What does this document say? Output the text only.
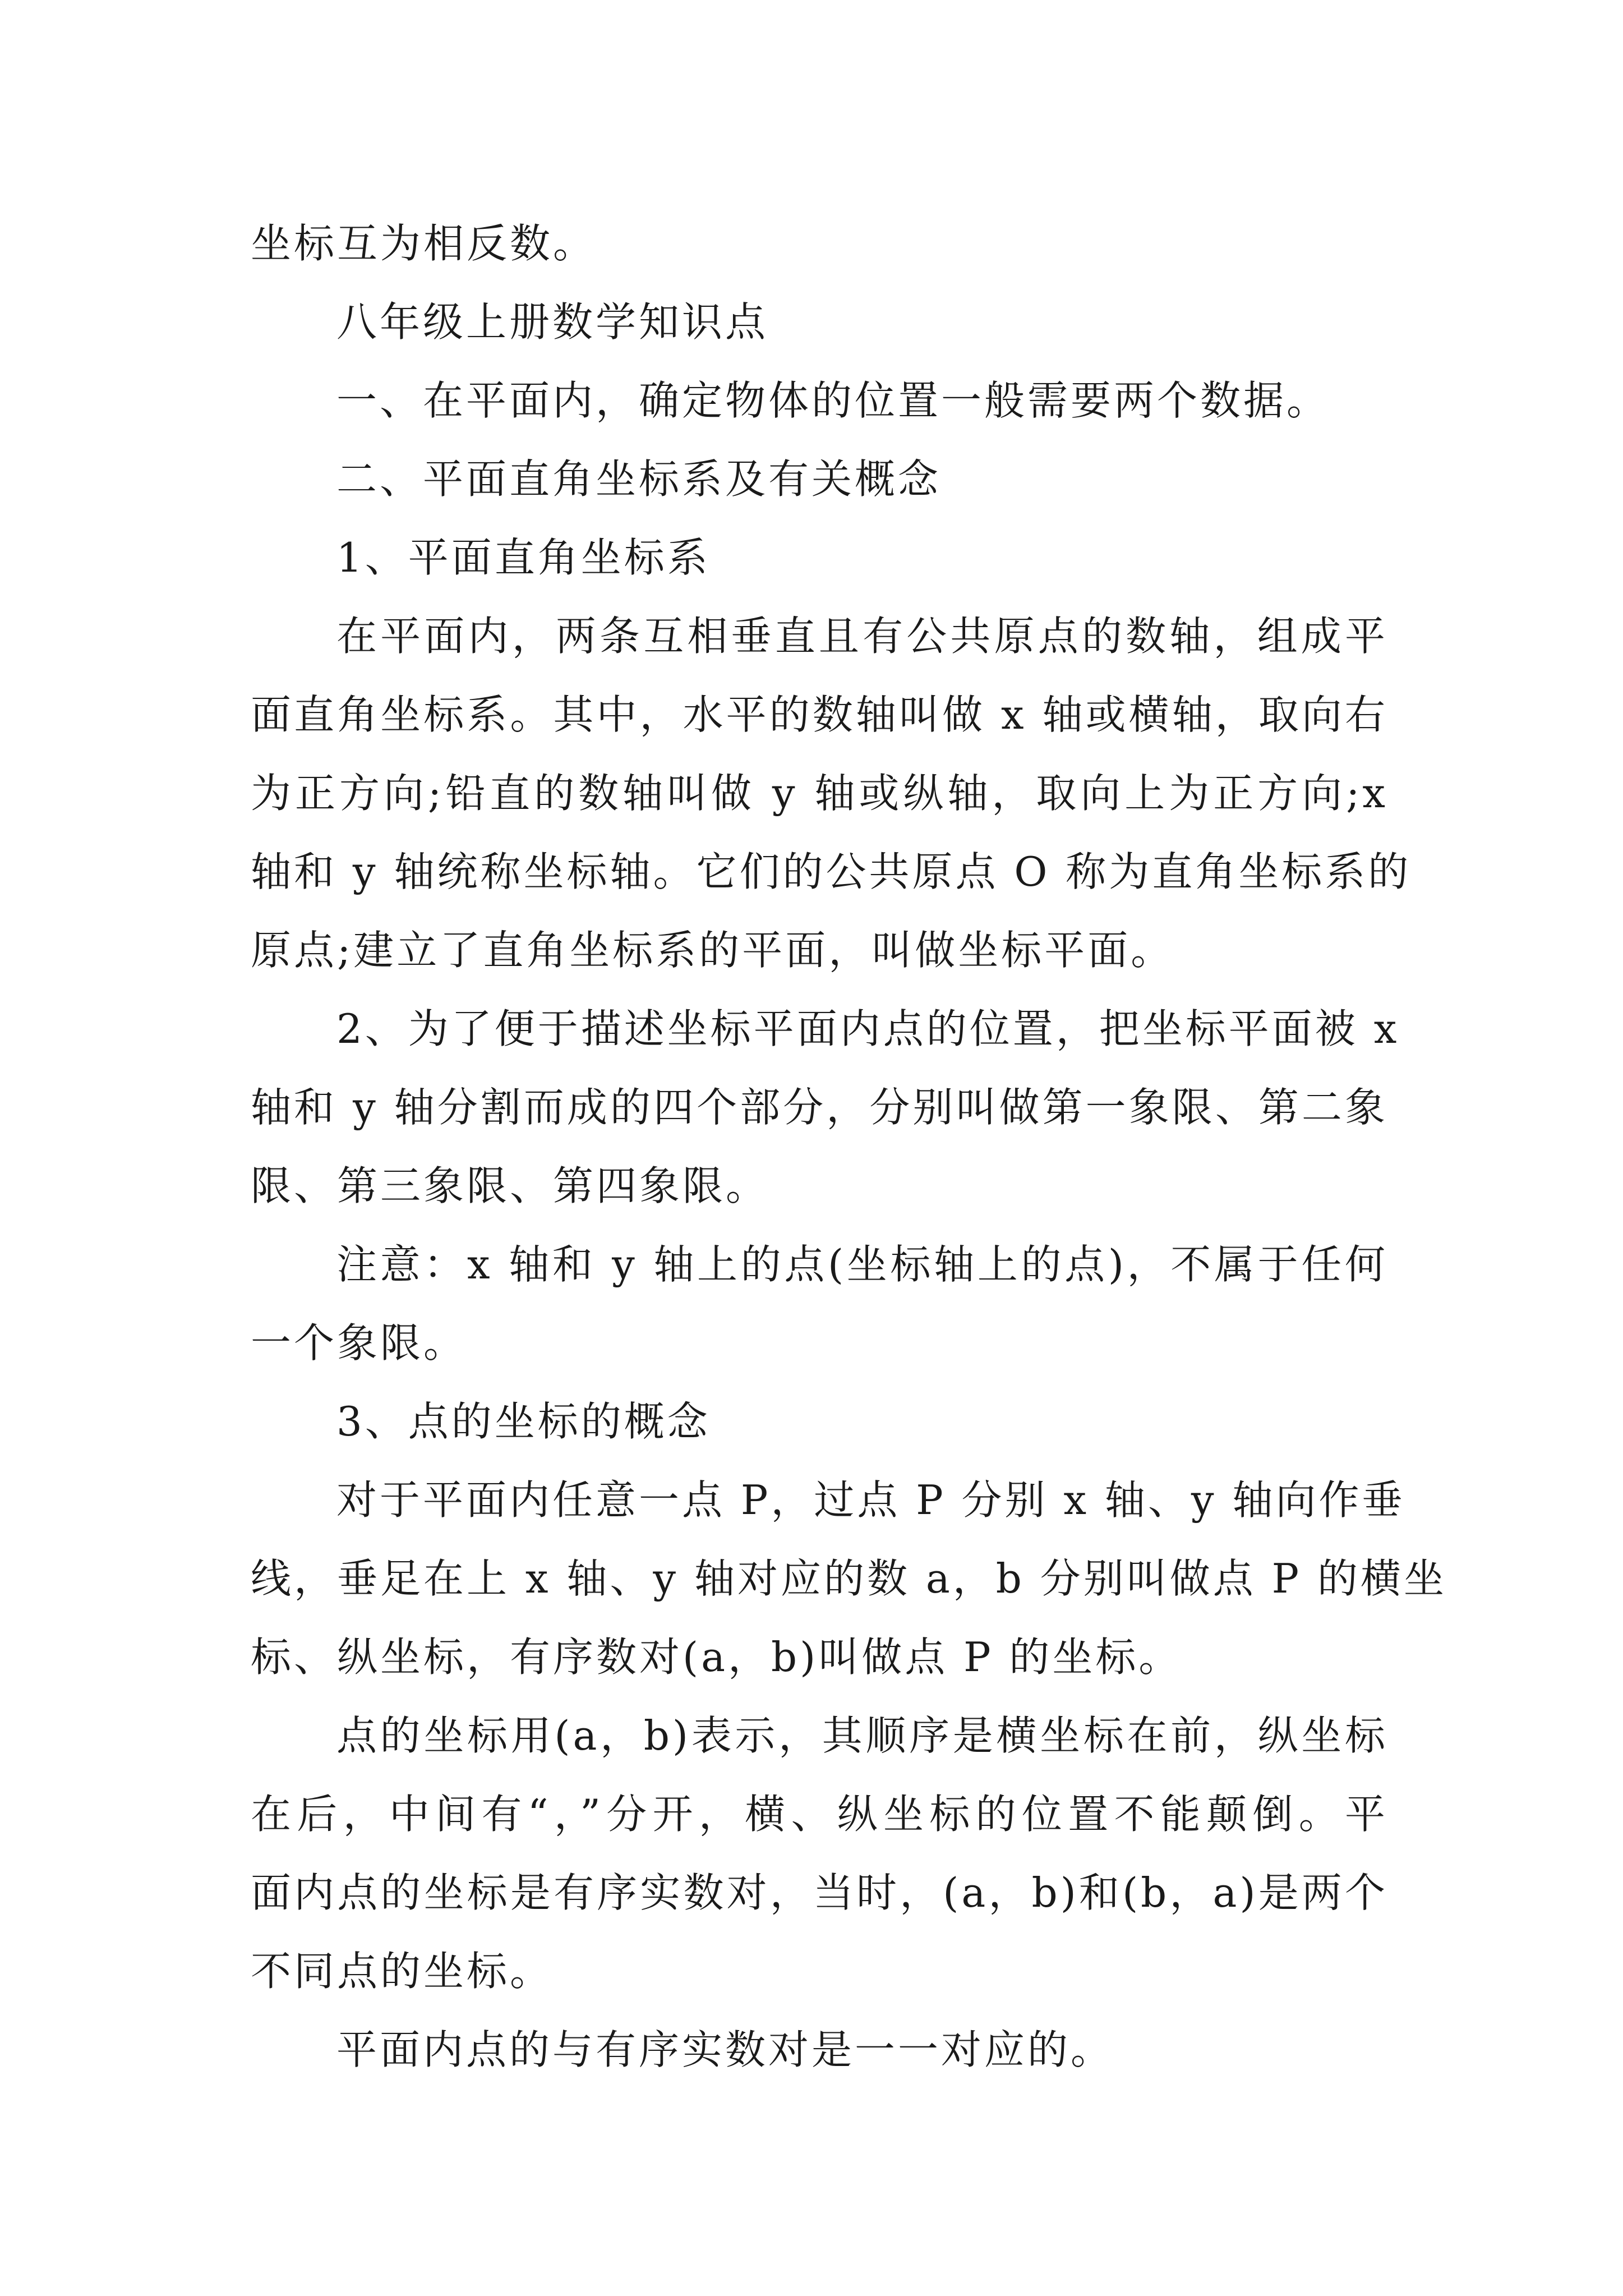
坐标互为相反数。

八年级上册数学知识点

一、在平面内，确定物体的位置一般需要两个数据。

二、平面直角坐标系及有关概念

1、平面直角坐标系

在平面内，两条互相垂直且有公共原点的数轴，组成平

面直角坐标系。其中，水平的数轴叫做 x 轴或横轴，取向右

为正方向;铅直的数轴叫做 y 轴或纵轴，取向上为正方向;x

轴和 y 轴统称坐标轴。它们的公共原点 O 称为直角坐标系的

原点;建立了直角坐标系的平面，叫做坐标平面。

2、为了便于描述坐标平面内点的位置，把坐标平面被 x

轴和 y 轴分割而成的四个部分，分别叫做第一象限、第二象

限、第三象限、第四象限。

注意：x 轴和 y 轴上的点(坐标轴上的点)，不属于任何

一个象限。

3、点的坐标的概念

对于平面内任意一点 P，过点 P 分别 x 轴、y 轴向作垂

线，垂足在上 x 轴、y 轴对应的数 a，b 分别叫做点 P 的横坐

标、纵坐标，有序数对(a，b)叫做点 P 的坐标。

点的坐标用(a，b)表示，其顺序是横坐标在前，纵坐标

在后，中间有“，”分开，横、纵坐标的位置不能颠倒。平

面内点的坐标是有序实数对，当时，(a，b)和(b，a)是两个

不同点的坐标。

平面内点的与有序实数对是一一对应的。
